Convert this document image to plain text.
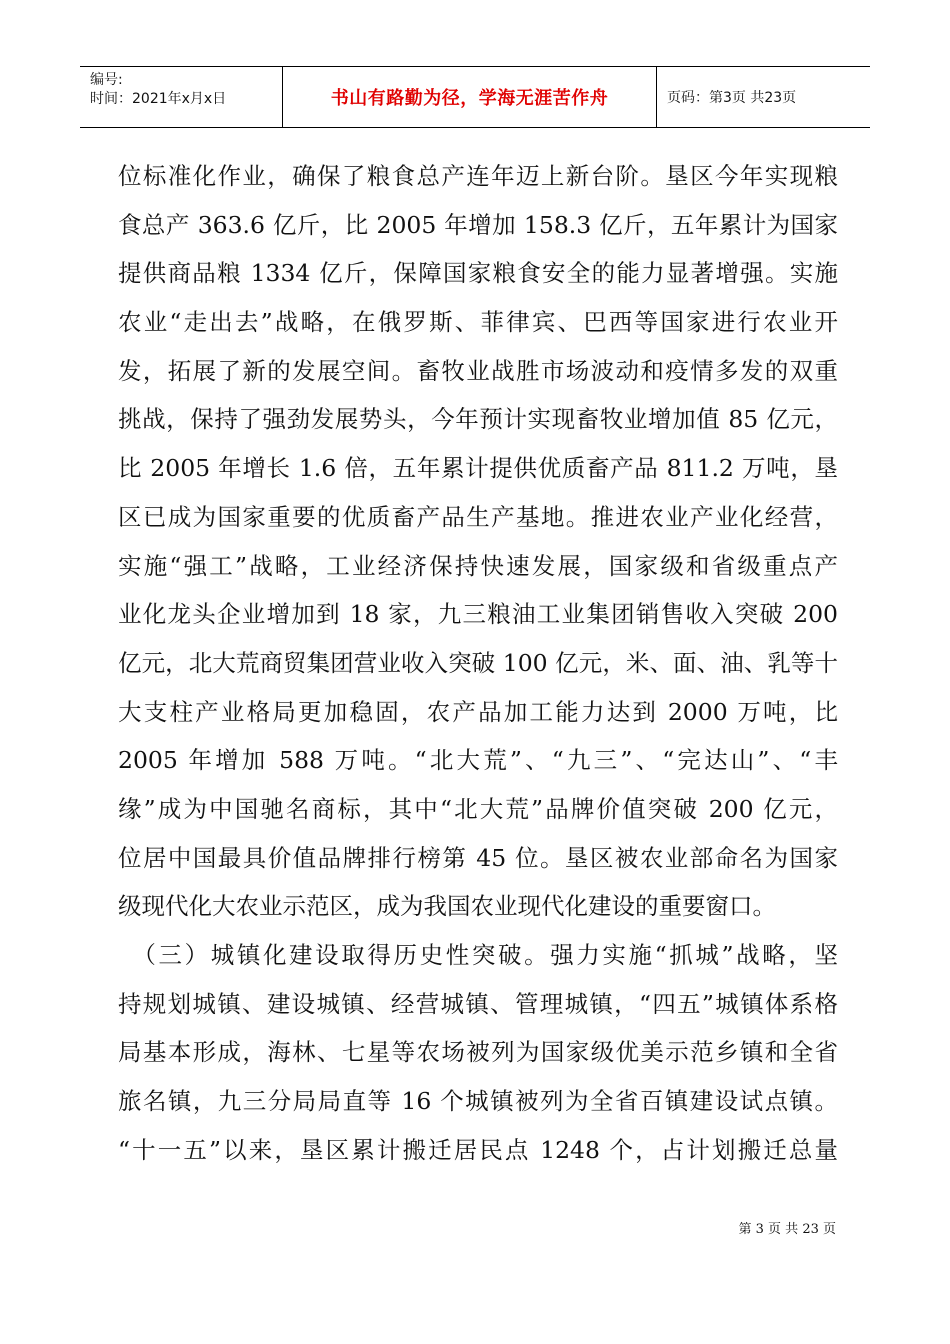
编号:
时间：2021年x月x日	书山有路勤为径，学海无涯苦作舟	页码：第3页 共23页
位标准化作业，确保了粮食总产连年迈上新台阶。垦区今年实现粮
食总产 363.6 亿斤，比 2005 年增加 158.3 亿斤，五年累计为国家
提供商品粮 1334 亿斤，保障国家粮食安全的能力显著增强。实施
农业“走出去”战略，在俄罗斯、菲律宾、巴西等国家进行农业开
发，拓展了新的发展空间。畜牧业战胜市场波动和疫情多发的双重
挑战，保持了强劲发展势头，今年预计实现畜牧业增加值 85 亿元，
比 2005 年增长 1.6 倍，五年累计提供优质畜产品 811.2 万吨，垦
区已成为国家重要的优质畜产品生产基地。推进农业产业化经营，
实施“强工”战略，工业经济保持快速发展，国家级和省级重点产
业化龙头企业增加到 18 家，九三粮油工业集团销售收入突破 200
亿元，北大荒商贸集团营业收入突破 100 亿元，米、面、油、乳等十
大支柱产业格局更加稳固，农产品加工能力达到 2000 万吨，比
2005 年增加 588 万吨。“北大荒”、“九三”、“完达山”、“丰
缘”成为中国驰名商标，其中“北大荒”品牌价值突破 200 亿元，
位居中国最具价值品牌排行榜第 45 位。垦区被农业部命名为国家
级现代化大农业示范区，成为我国农业现代化建设的重要窗口。
　（三）城镇化建设取得历史性突破。强力实施“抓城”战略，坚
持规划城镇、建设城镇、经营城镇、管理城镇，“四五”城镇体系格
局基本形成，海林、七星等农场被列为国家级优美示范乡镇和全省
旅名镇，九三分局局直等 16 个城镇被列为全省百镇建设试点镇。
“十一五”以来，垦区累计搬迁居民点 1248 个，占计划搬迁总量
第 3 页 共 23 页
